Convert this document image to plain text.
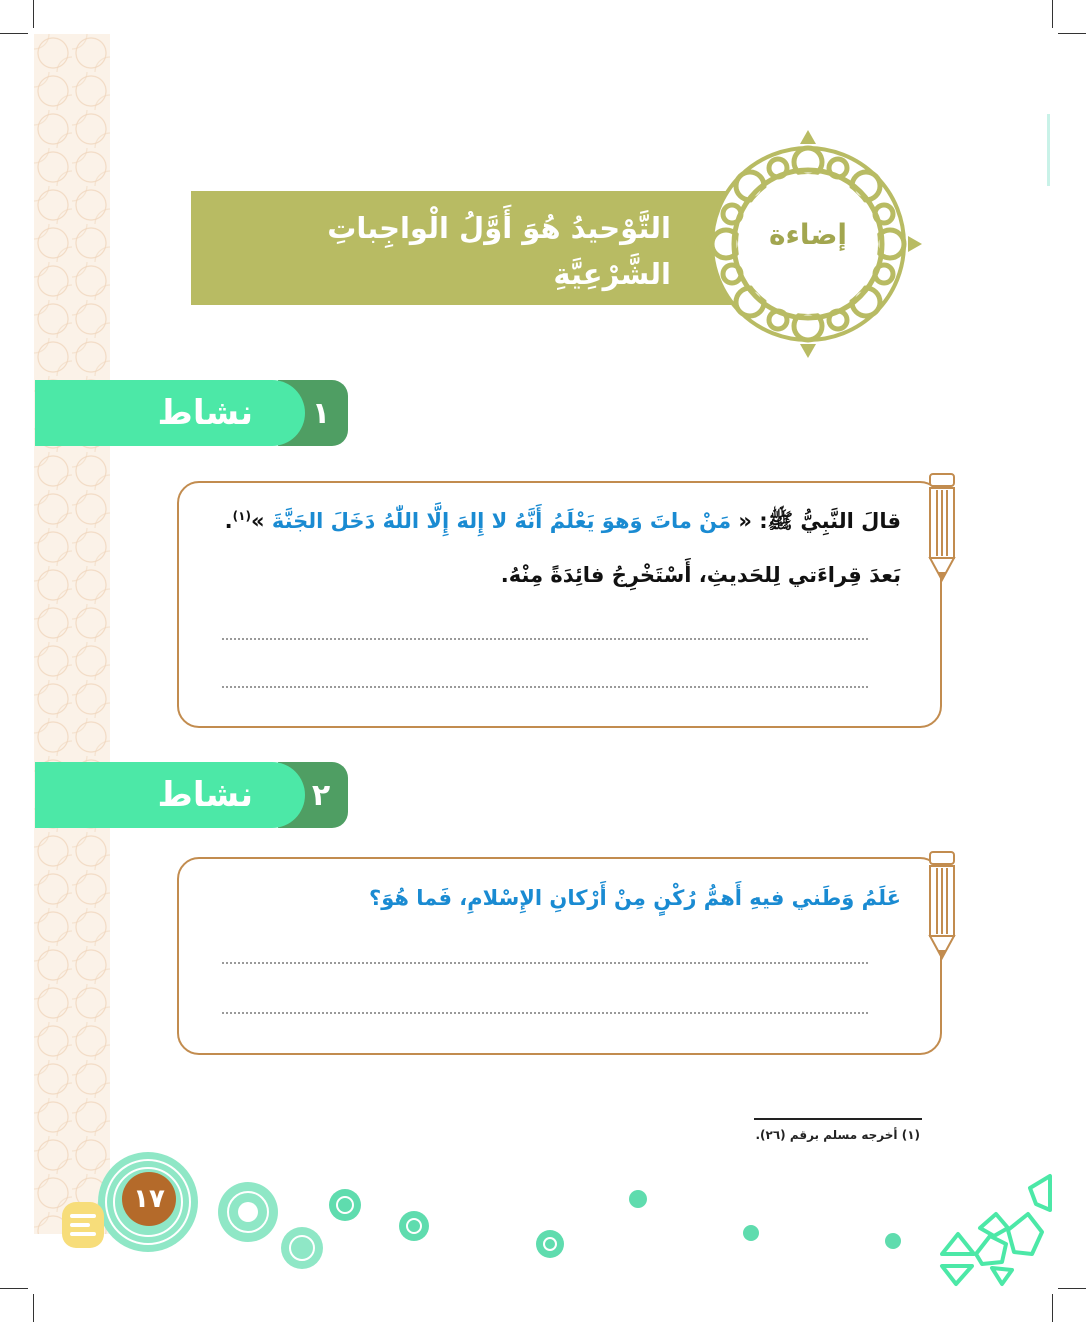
التَّوْحيدُ هُوَ أَوَّلُ الْواجِباتِ الشَّرْعِيَّةِ
عَلى الإِنْسانِ.
إضاءة
١
نشاط
قالَ النَّبِيُّ ﷺ: « مَنْ ماتَ وَهوَ يَعْلَمُ أَنَّهُ لا إِلهَ إِلَّا اللّٰهُ دَخَلَ الجَنَّةَ »$^{(١)}$.
بَعدَ قِراءَتي لِلحَديثِ، أَسْتَخْرِجُ فائِدَةً مِنْهُ.
٢
نشاط
عَلَمُ وَطَني فيهِ أَهمُّ رُكْنٍ مِنْ أَرْكانِ الإِسْلامِ، فَما هُوَ؟
(١) أخرجه مسلم برقم (٢٦).
١٧
